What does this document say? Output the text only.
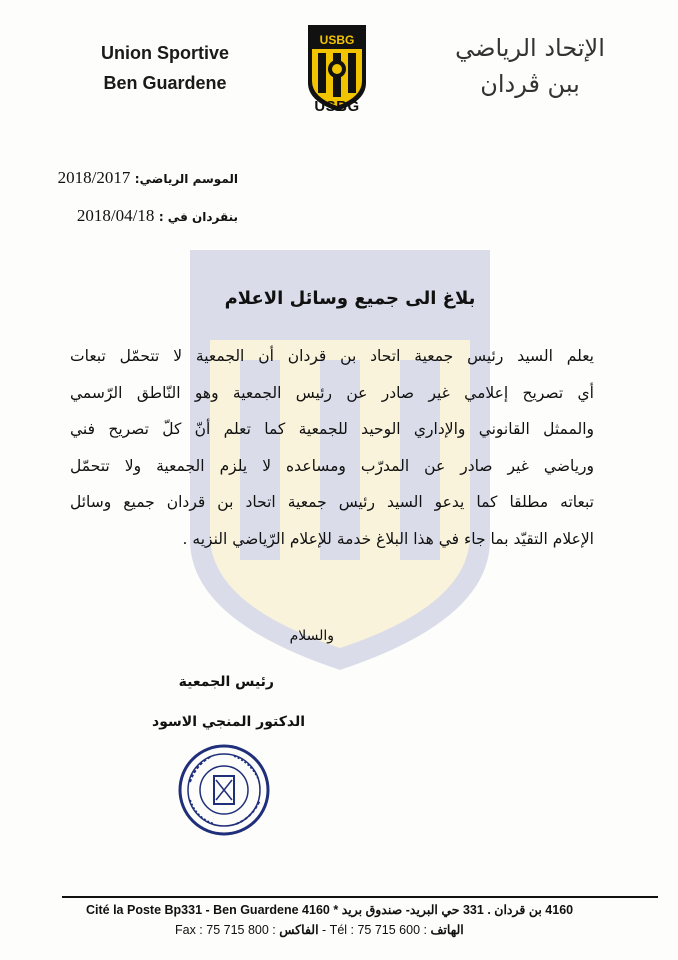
Union Sportive
Ben Guardene
USBG
USBG
الإتحاد الرياضي
ببن ڨردان
الموسم الرياضي: 2018/2017
بنقردان في : 2018/04/18
بلاغ الى جميع وسائل الاعلام

يعلم السيد رئيس جمعية اتحاد بن قردان أن الجمعية لا تتحمّل تبعات

أي تصريح إعلامي غير صادر عن رئيس الجمعية وهو النّاطق الرّسمي

والممثل القانوني والإداري الوحيد للجمعية كما تعلم أنّ كلّ تصريح فني

ورياضي غير صادر عن المدرّب ومساعده لا يلزم الجمعية ولا تتحمّل

تبعاته مطلقا كما يدعو السيد رئيس جمعية اتحاد بن قردان جميع وسائل

الإعلام التقيّد بما جاء في هذا البلاغ خدمة للإعلام الرّياضي النزيه .

والسلام
رئيس الجمعية
الدكتور المنجي الاسود
Cité la Poste Bp331 - Ben Guardene 4160 * 4160 بن قردان . 331 حي البريد- صندوق بريد
Fax : 75 715 800 : الفاكس - Tél : 75 715 600 : الهاتف
